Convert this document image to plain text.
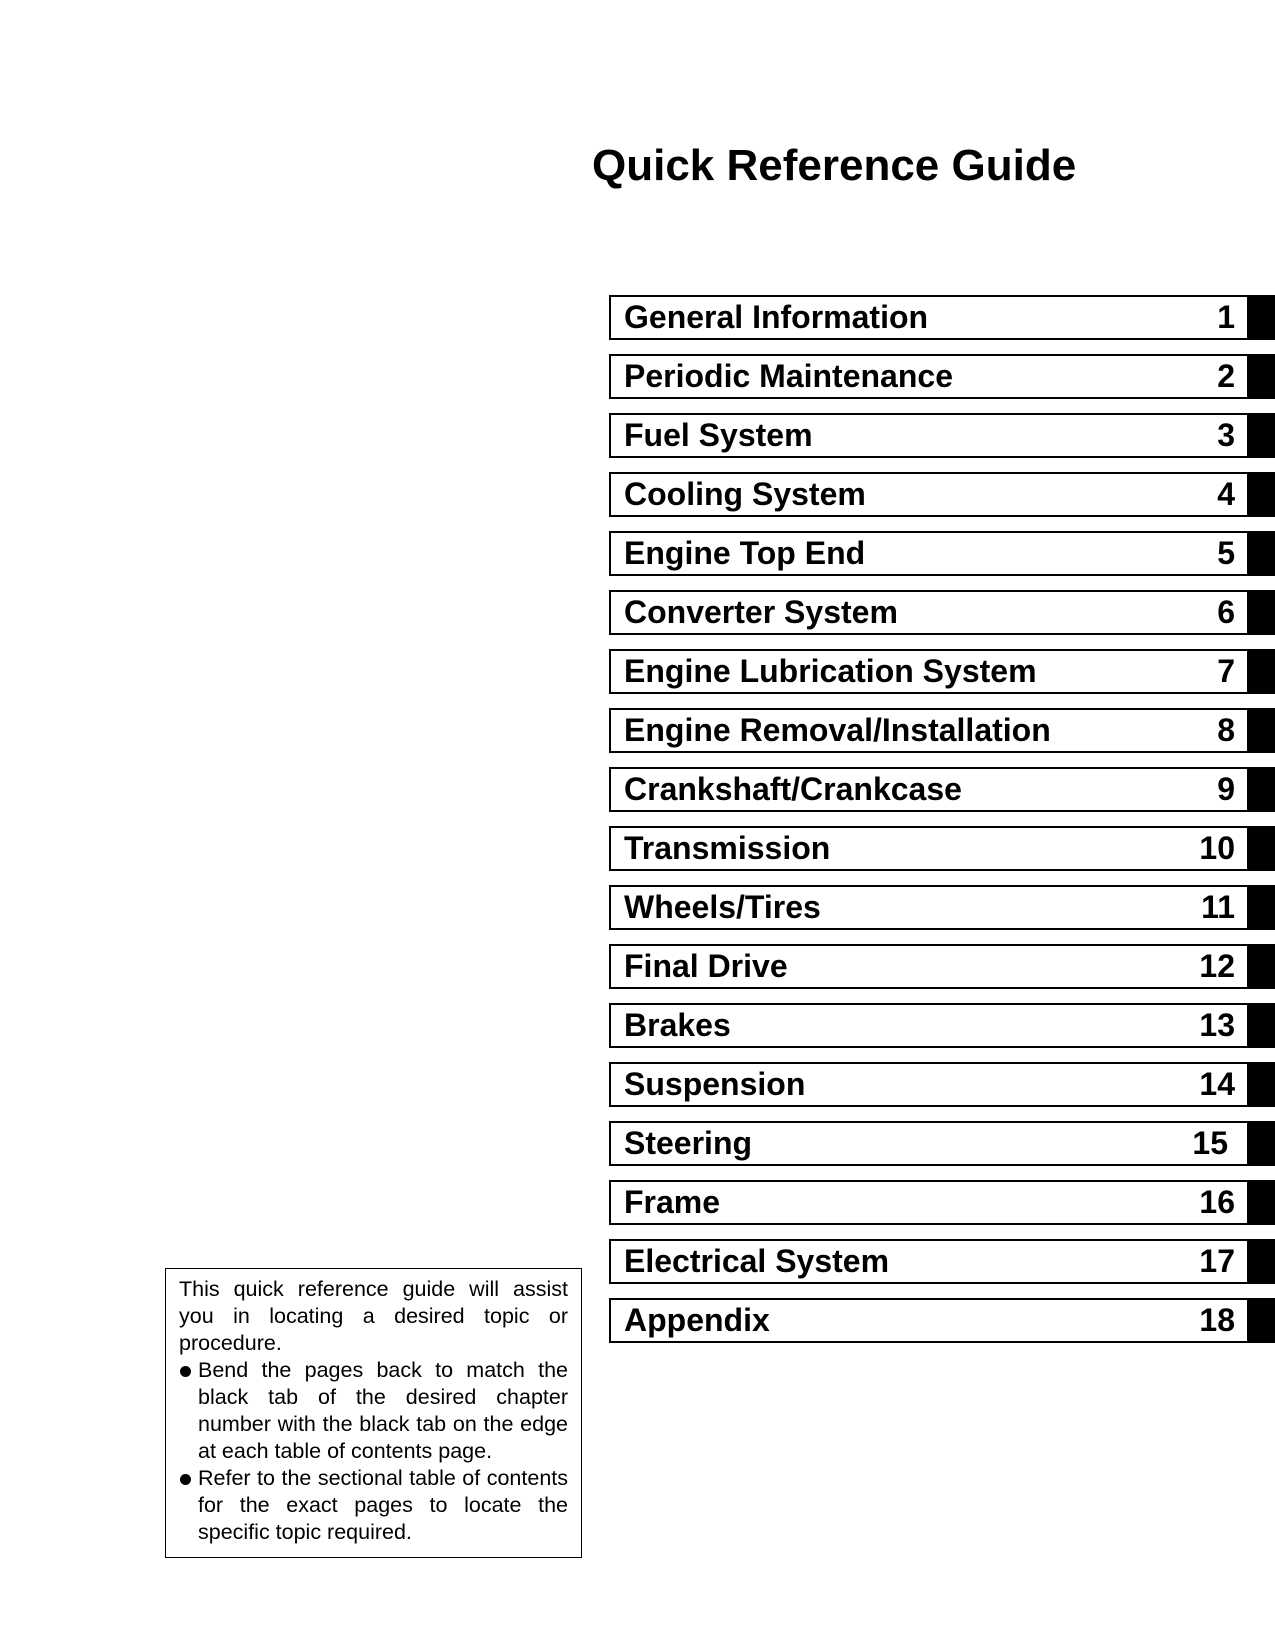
Quick Reference Guide
General Information	1
Periodic Maintenance	2
Fuel System	3
Cooling System	4
Engine Top End	5
Converter System	6
Engine Lubrication System	7
Engine Removal/Installation	8
Crankshaft/Crankcase	9
Transmission	10
Wheels/Tires	11
Final Drive	12
Brakes	13
Suspension	14
Steering	15
Frame	16
Electrical System	17
Appendix	18

This quick reference guide will assist you in locating a desired topic or procedure.

Bend the pages back to match the black tab of the desired chapter number with the black tab on the edge at each table of contents page.
Refer to the sectional table of contents for the exact pages to locate the specific topic required.
